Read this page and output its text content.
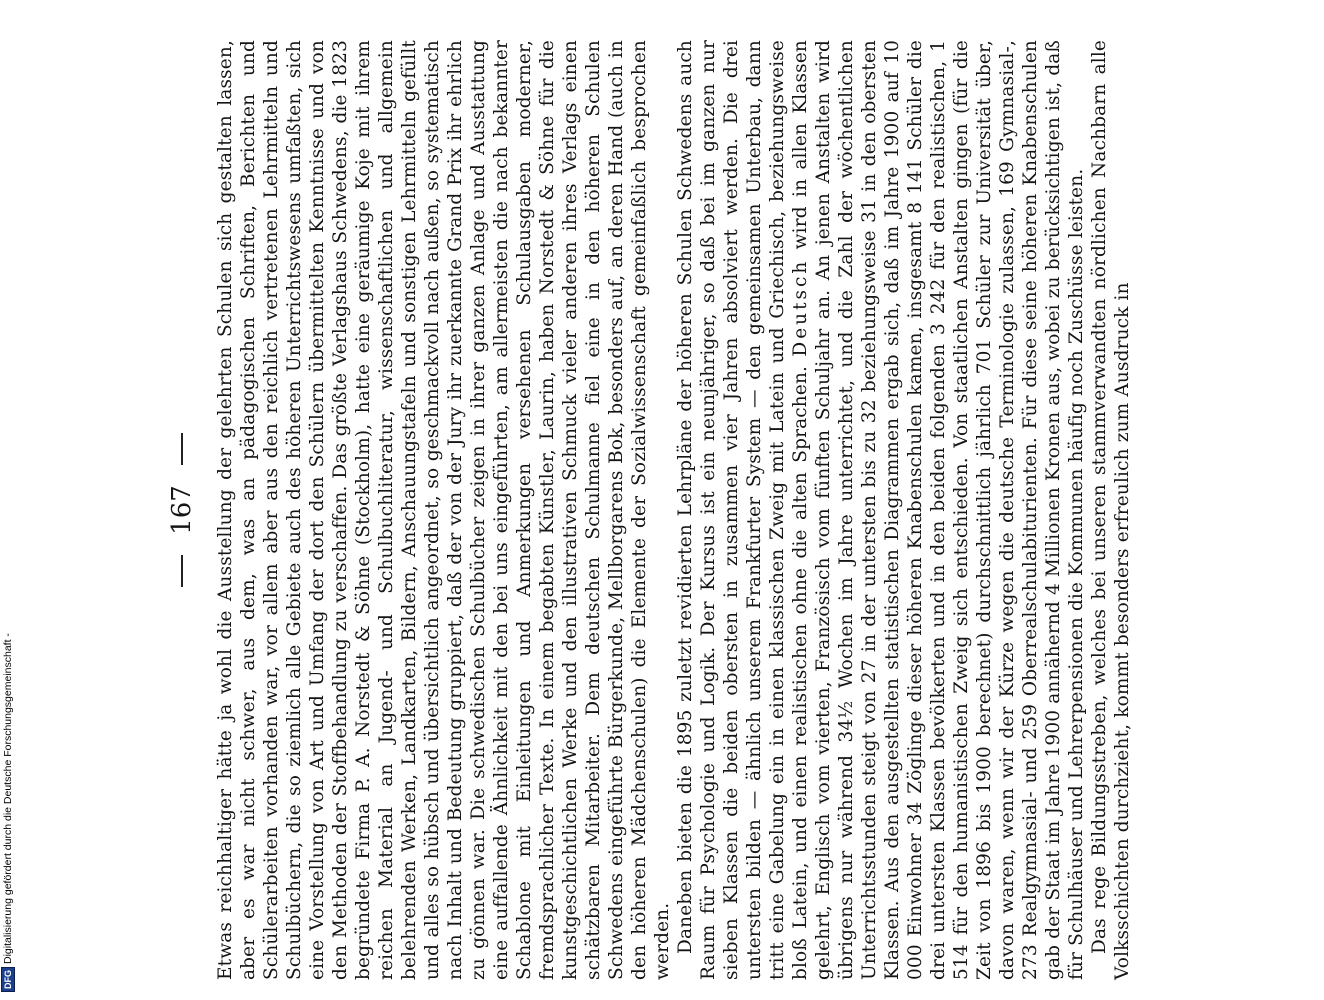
167 Etwas reichhaltiger hätte ja wohl die Ausstellung der gelehrten Schulen sich gestalten lassen, aber es war nicht schwer, aus dem, was an pädagogischen Schriften, Berichten und Schülerarbeiten vorhanden war, vor allem aber aus den reichlich vertretenen Lehrmitteln und Schulbüchern, die so ziemlich alle Gebiete auch des höheren Unterrichtswesens umfaßten, sich eine Vorstellung von Art und Umfang der dort den Schülern übermittelten Kenntnisse und von den Methoden der Stoffbehandlung zu verschaffen. Das größte Verlagshaus Schwedens, die 1823 begründete Firma P. A. Norstedt & Söhne (Stockholm), hatte eine geräumige Koje mit ihrem reichen Material an Jugend- und Schulbuchliteratur, wissenschaftlichen und allgemein belehrenden Werken, Landkarten, Bildern, Anschauungstafeln und sonstigen Lehrmitteln gefüllt und alles so hübsch und übersichtlich angeordnet, so geschmackvoll nach außen, so systematisch nach Inhalt und Bedeutung gruppiert, daß der von der Jury ihr zuerkannte Grand Prix ihr ehrlich zu gönnen war. Die schwedischen Schulbücher zeigen in ihrer ganzen Anlage und Ausstattung eine auffallende Ähnlichkeit mit den bei uns eingeführten, am allermeisten die nach bekannter Schablone mit Einleitungen und Anmerkungen versehenen Schulausgaben moderner, fremdsprachlicher Texte. In einem begabten Künstler, Laurin, haben Norstedt & Söhne für die kunstgeschichtlichen Werke und den illustrativen Schmuck vieler anderen ihres Verlags einen schätzbaren Mitarbeiter. Dem deutschen Schulmanne fiel eine in den höheren Schulen Schwedens eingeführte Bürgerkunde, Mellborgarens Bok, besonders auf, an deren Hand (auch in den höheren Mädchenschulen) die Elemente der Sozialwissenschaft gemeinfaßlich besprochen werden. Daneben bieten die 1895 zuletzt revidierten Lehrpläne der höheren Schulen Schwedens auch Raum für Psychologie und Logik. Der Kursus ist ein neunjähriger, so daß bei im ganzen nur sieben Klassen die beiden obersten in zusammen vier Jahren absolviert werden. Die drei untersten bilden — ähnlich unserem Frankfurter System — den gemeinsamen Unterbau, dann tritt eine Gabelung ein in einen klassischen Zweig mit Latein und Griechisch, beziehungsweise bloß Latein, und einen realistischen ohne die alten Sprachen. Deutsch wird in allen Klassen gelehrt, Englisch vom vierten, Französisch vom fünften Schuljahr an. An jenen Anstalten wird übrigens nur während 34½ Wochen im Jahre unterrichtet, und die Zahl der wöchentlichen Unterrichtsstunden steigt von 27 in der untersten bis zu 32 beziehungsweise 31 in den obersten Klassen. Aus den ausgestellten statistischen Diagrammen ergab sich, daß im Jahre 1900 auf 10 000 Einwohner 34 Zöglinge dieser höheren Knabenschulen kamen, insgesamt 8 141 Schüler die drei untersten Klassen bevölkerten und in den beiden folgenden 3 242 für den realistischen, 1 514 für den humanistischen Zweig sich entschieden. Von staatlichen Anstalten gingen (für die Zeit von 1896 bis 1900 berechnet) durchschnittlich jährlich 701 Schüler zur Universität über, davon waren, wenn wir der Kürze wegen die deutsche Terminologie zulassen, 169 Gymnasial-, 273 Realgymnasial- und 259 Oberrealschulabiturienten. Für diese seine höheren Knabenschulen gab der Staat im Jahre 1900 annähernd 4 Millionen Kronen aus, wobei zu berücksichtigen ist, daß für Schulhäuser und Lehrerpensionen die Kommunen häufig noch Zuschüsse leisten. Das rege Bildungsstreben, welches bei unseren stammverwandten nördlichen Nachbarn alle Volksschichten durchzieht, kommt besonders erfreulich zum Ausdruck in

DFG
Digitalisierung gefördert durch die Deutsche Forschungsgemeinschaft -
